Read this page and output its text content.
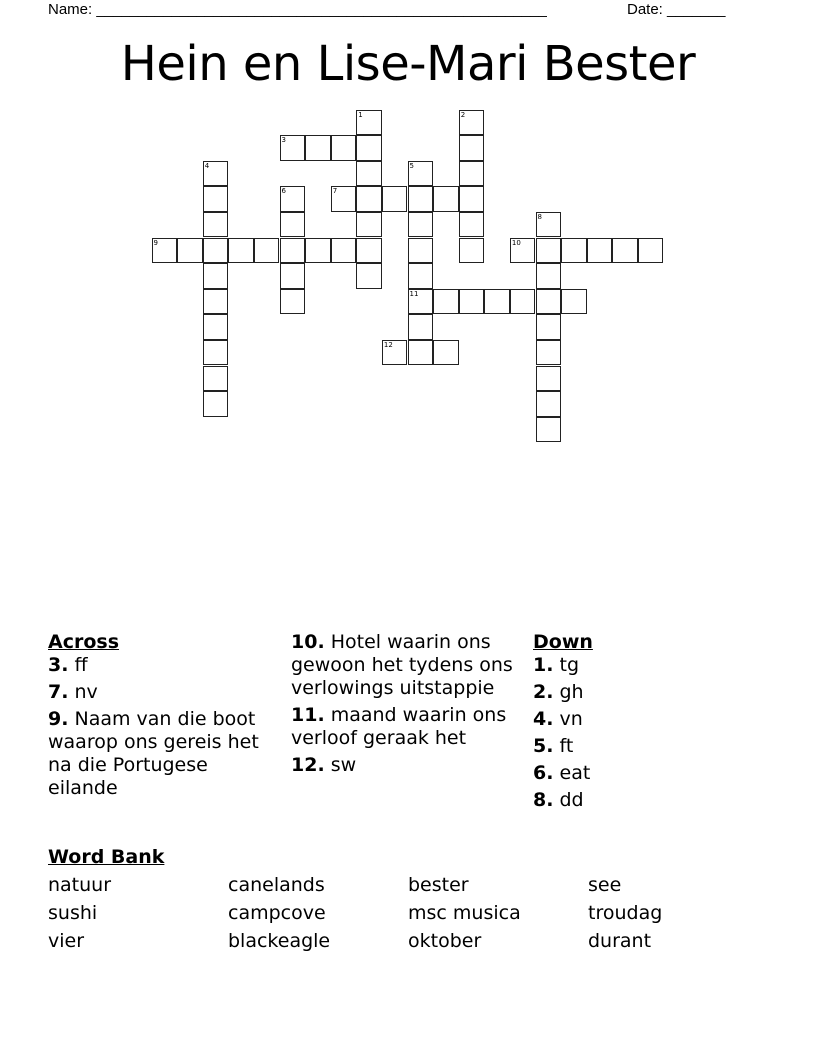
Name: ______________________________________________________	Date: _______
Hein en Lise-Mari Bester
1	2
3
4	5
11
6	7
8
9	10
12
Across
3. ff
7. nv
9. Naam van die boot waarop ons gereis het na die Portugese eilande
10. Hotel waarin ons gewoon het tydens ons verlowings uitstappie
11. maand waarin ons verloof geraak het
12. sw
Down
1. tg
2. gh
4. vn
5. ft
6. eat
8. dd
Word Bank
natuur	canelands	bester	see
sushi	campcove	msc musica	troudag
vier	blackeagle	oktober	durant
